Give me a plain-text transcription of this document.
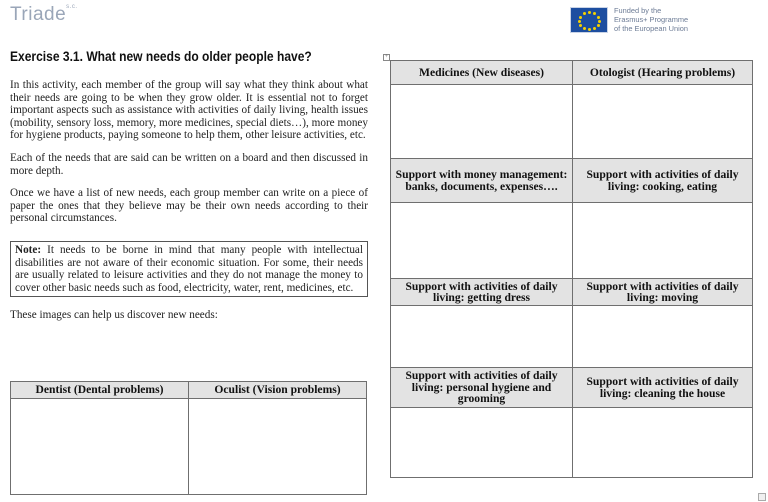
Triade$^{s.c.}$	Funded by the
Erasmus+ Programme
of the European Union
Exercise 3.1. What new needs do older people have?

In this activity, each member of the group will say what they think about what their needs are going to be when they grow older. It is essential not to forget important aspects such as assistance with activities of daily living, health issues (mobility, sensory loss, memory, more medicines, special diets…), more money for hygiene products, paying someone to help them, other leisure activities, etc.

Each of the needs that are said can be written on a board and then discussed in more depth.

Once we have a list of new needs, each group member can write on a piece of paper the ones that they believe may be their own needs according to their personal circumstances.

Note: It needs to be borne in mind that many people with intellectual disabilities are not aware of their economic situation. For some, their needs are usually related to leisure activities and they do not manage the money to cover other basic needs such as food, electricity, water, rent, medicines, etc.

These images can help us discover new needs:

Dentist (Dental problems)	Oculist (Vision problems)

+
Medicines (New diseases)	Otologist (Hearing problems)

Support with money management: banks, documents, expenses….	Support with activities of daily living: cooking, eating

Support with activities of daily living: getting dress	Support with activities of daily living: moving

Support with activities of daily living: personal hygiene and grooming	Support with activities of daily living: cleaning the house
